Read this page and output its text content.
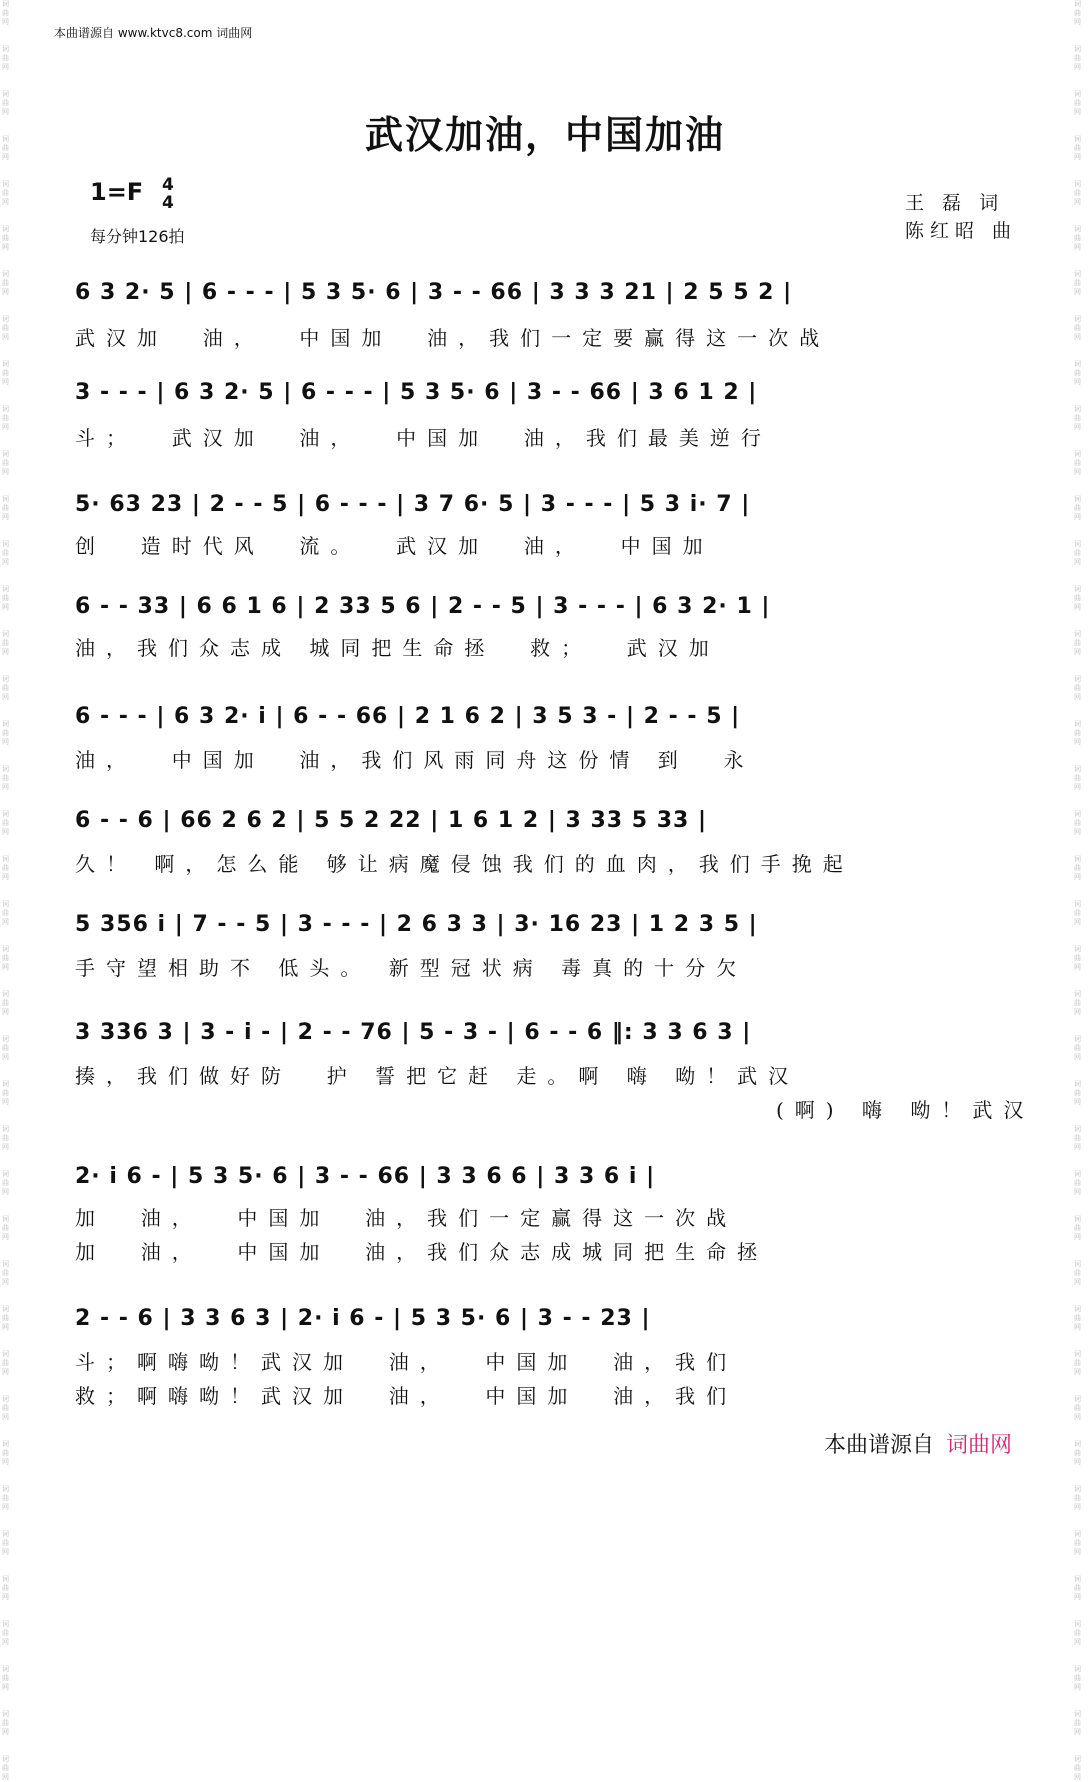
词
曲
网

词
曲
网

词
曲
网

词
曲
网

词
曲
网

词
曲
网

词
曲
网

词
曲
网

词
曲
网

词
曲
网

词
曲
网

词
曲
网

词
曲
网

词
曲
网

词
曲
网

词
曲
网

词
曲
网

词
曲
网

词
曲
网

词
曲
网

词
曲
网

词
曲
网

词
曲
网

词
曲
网

词
曲
网

词
曲
网

词
曲
网

词
曲
网

词
曲
网

词
曲
网

词
曲
网

词
曲
网

词
曲
网

词
曲
网

词
曲
网

词
曲
网

词
曲
网

词
曲
网

词
曲
网

词
曲
网
词
曲
网

词
曲
网

词
曲
网

词
曲
网

词
曲
网

词
曲
网

词
曲
网

词
曲
网

词
曲
网

词
曲
网

词
曲
网

词
曲
网

词
曲
网

词
曲
网

词
曲
网

词
曲
网

词
曲
网

词
曲
网

词
曲
网

词
曲
网

词
曲
网

词
曲
网

词
曲
网

词
曲
网

词
曲
网

词
曲
网

词
曲
网

词
曲
网

词
曲
网

词
曲
网

词
曲
网

词
曲
网

词
曲
网

词
曲
网

词
曲
网

词
曲
网

词
曲
网

词
曲
网

词
曲
网

词
曲
网
本曲谱源自 www.ktvc8.com 词曲网
武汉加油，中国加油
1=F 4
4
每分钟126拍
王 磊 词
陈红昭 曲
6 3 2· 5 | 6 - - - | 5 3 5· 6 | 3 - - 66 | 3 3 3 21 | 2 5 5 2 |
武汉加  油，  中国加  油，我们一定要赢得这一次战
3 - - - | 6 3 2· 5 | 6 - - - | 5 3 5· 6 | 3 - - 66 | 3 6 1 2 |
斗；  武汉加  油，  中国加  油，我们最美逆行
5· 63 23 | 2 - - 5 | 6 - - - | 3 7 6· 5 | 3 - - - | 5 3 i· 7 |
创  造时代风  流。  武汉加  油，  中国加
6 - - 33 | 6 6 1 6 | 2 33 5 6 | 2 - - 5 | 3 - - - | 6 3 2· 1 |
油，我们众志成 城同把生命拯  救；  武汉加
6 - - - | 6 3 2· i | 6 - - 66 | 2 1 6 2 | 3 5 3 - | 2 - - 5 |
油，  中国加  油，我们风雨同舟这份情 到  永
6 - - 6 | 66 2 6 2 | 5 5 2 22 | 1 6 1 2 | 3 33 5 33 |
久！ 啊，怎么能 够让病魔侵蚀我们的血肉，我们手挽起
5 356 i | 7 - - 5 | 3 - - - | 2 6 3 3 | 3· 16 23 | 1 2 3 5 |
手守望相助不 低头。 新型冠状病 毒真的十分欠
3 336 3 | 3 - i - | 2 - - 76 | 5 - 3 - | 6 - - 6 ‖: 3 3 6 3 |
揍，我们做好防  护 誓把它赶 走。啊 嗨 呦！武汉
(啊) 嗨 呦！武汉
2· i 6 - | 5 3 5· 6 | 3 - - 66 | 3 3 6 6 | 3 3 6 i |
加  油，  中国加  油，我们一定赢得这一次战
加  油，  中国加  油，我们众志成城同把生命拯
2 - - 6 | 3 3 6 3 | 2· i 6 - | 5 3 5· 6 | 3 - - 23 |
斗；啊嗨呦！武汉加  油，  中国加  油，我们
救；啊嗨呦！武汉加  油，  中国加  油，我们
本曲谱源自 词曲网
